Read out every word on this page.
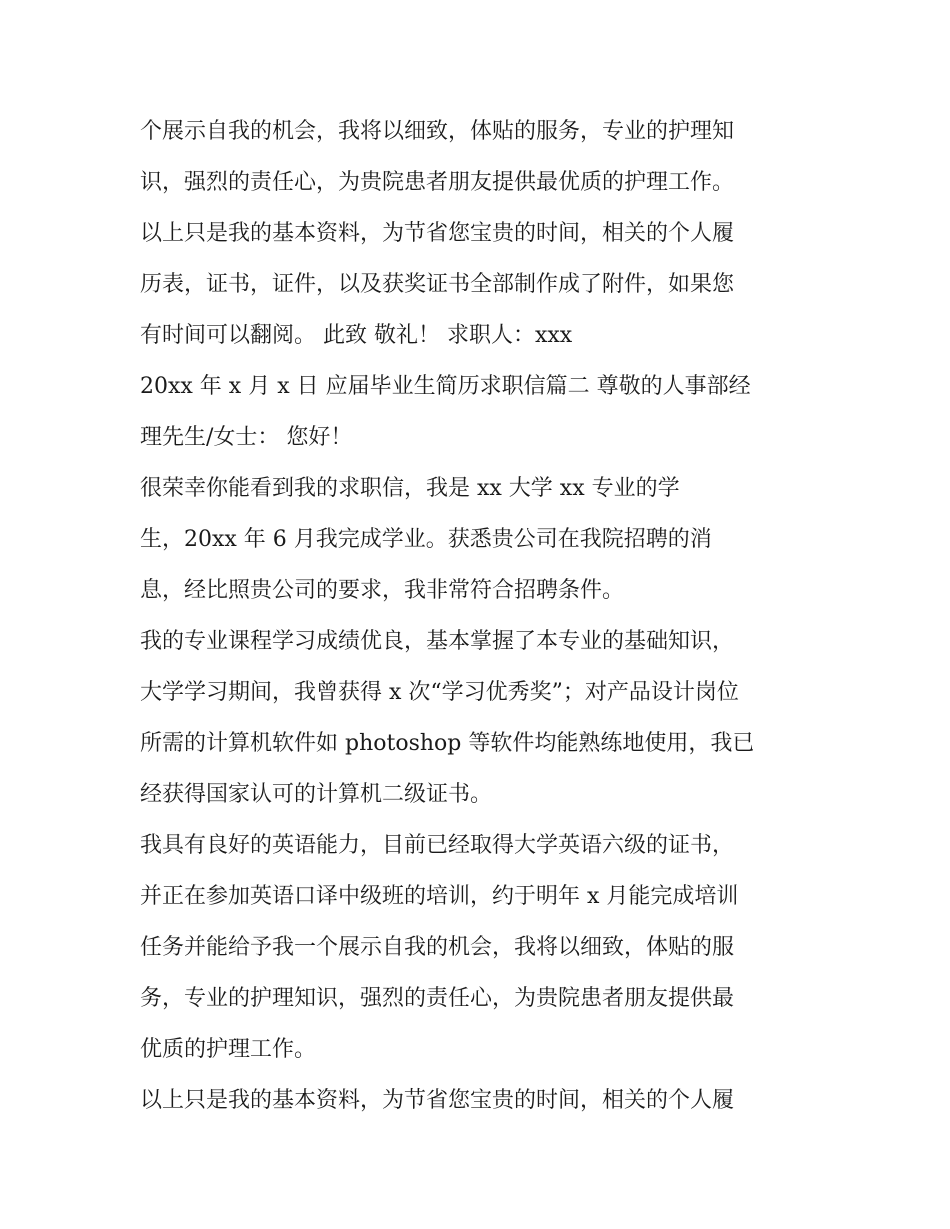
个展示自我的机会，我将以细致，体贴的服务，专业的护理知
识，强烈的责任心，为贵院患者朋友提供最优质的护理工作。
以上只是我的基本资料，为节省您宝贵的时间，相关的个人履
历表，证书，证件，以及获奖证书全部制作成了附件，如果您
有时间可以翻阅。 此致 敬礼！ 求职人：xxx
20xx 年 x 月 x 日 应届毕业生简历求职信篇二 尊敬的人事部经
理先生/女士： 您好！
很荣幸你能看到我的求职信，我是 xx 大学 xx 专业的学
生，20xx 年 6 月我完成学业。获悉贵公司在我院招聘的消
息，经比照贵公司的要求，我非常符合招聘条件。
我的专业课程学习成绩优良，基本掌握了本专业的基础知识，
大学学习期间，我曾获得 x 次“学习优秀奖”；对产品设计岗位
所需的计算机软件如 photoshop 等软件均能熟练地使用，我已
经获得国家认可的计算机二级证书。
我具有良好的英语能力，目前已经取得大学英语六级的证书，
并正在参加英语口译中级班的培训，约于明年 x 月能完成培训
任务并能给予我一个展示自我的机会，我将以细致，体贴的服
务，专业的护理知识，强烈的责任心，为贵院患者朋友提供最
优质的护理工作。
以上只是我的基本资料，为节省您宝贵的时间，相关的个人履
